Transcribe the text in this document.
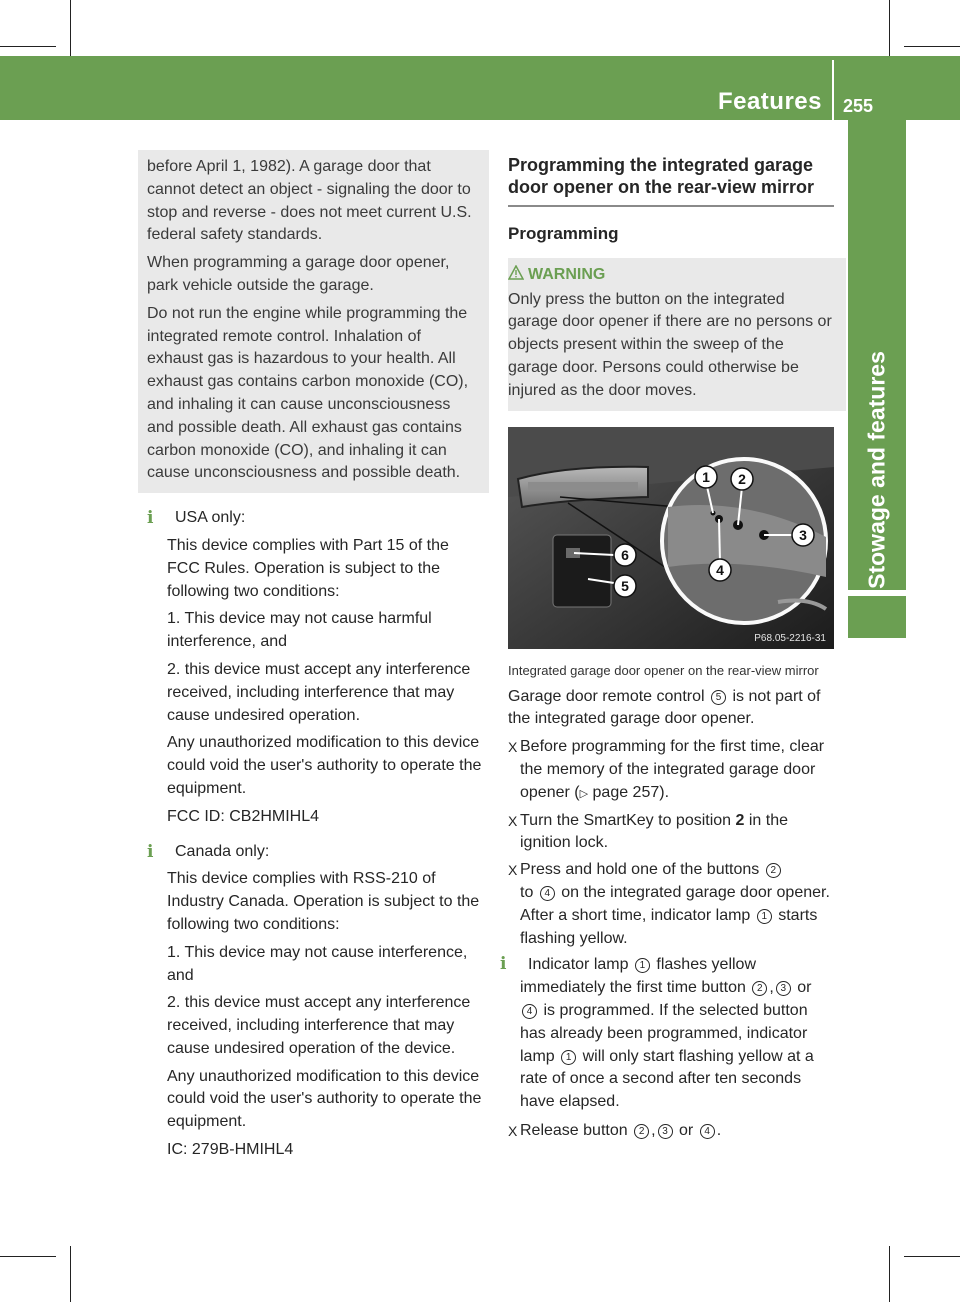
Features 255
Stowage and features

before April 1, 1982). A garage door that cannot detect an object - signaling the door to stop and reverse - does not meet current U.S. federal safety standards.

When programming a garage door opener, park vehicle outside the garage.

Do not run the engine while programming the integrated remote control. Inhalation of exhaust gas is hazardous to your health. All exhaust gas contains carbon monoxide (CO), and inhaling it can cause unconsciousness and possible death. All exhaust gas contains carbon monoxide (CO), and inhaling it can cause unconsciousness and possible death.

i	USA only:

This device complies with Part 15 of the FCC Rules. Operation is subject to the following two conditions:

1. This device may not cause harmful interference, and

2. this device must accept any interference received, including interference that may cause undesired operation.

Any unauthorized modification to this device could void the user's authority to operate the equipment.

FCC ID: CB2HMIHL4

i	Canada only:

This device complies with RSS-210 of Industry Canada. Operation is subject to the following two conditions:

1. This device may not cause interference, and

2. this device must accept any interference received, including interference that may cause undesired operation of the device.

Any unauthorized modification to this device could void the user's authority to operate the equipment.

IC: 279B-HMIHL4

Programming the integrated garage door opener on the rear-view mirror
Programming
WARNING
Only press the button on the integrated garage door opener if there are no persons or objects present within the sweep of the garage door. Persons could otherwise be injured as the door moves.
1 2
3
4
5
6
P68.05-2216-31
Integrated garage door opener on the rear-view mirror

Garage door remote control 5 is not part of the integrated garage door opener.

X Before programming for the first time, clear the memory of the integrated garage door opener (▷ page 257).
X Turn the SmartKey to position 2 in the ignition lock.
X Press and hold one of the buttons 2
to 4 on the integrated garage door opener.
After a short time, indicator lamp 1 starts flashing yellow.
i	Indicator lamp 1 flashes yellow immediately the first time button 2 , 3 or 4 is programmed. If the selected button has already been programmed, indicator lamp 1 will only start flashing yellow at a rate of once a second after ten seconds have elapsed.
X Release button 2 , 3 or 4 .
